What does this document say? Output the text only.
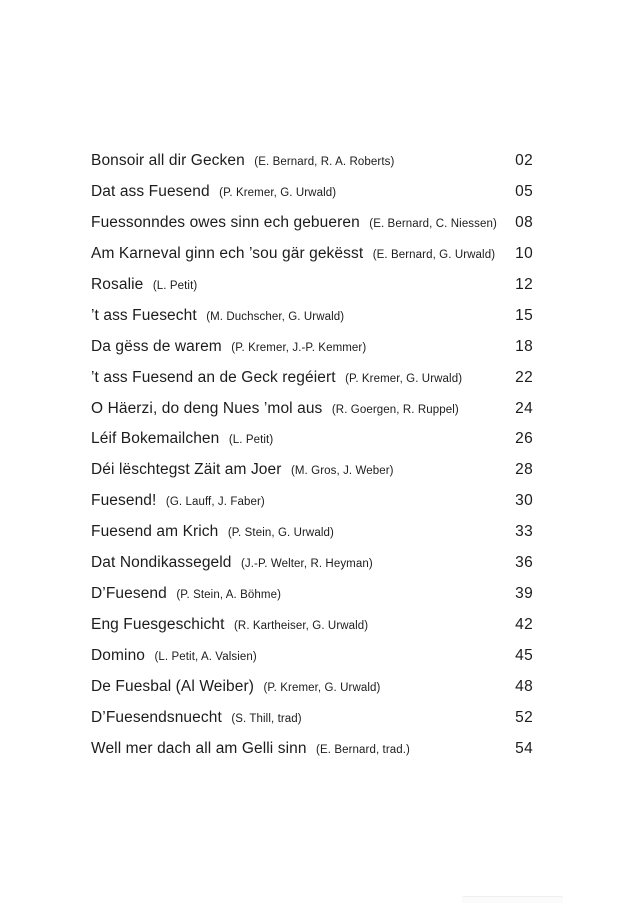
Bonsoir all dir Gecken (E. Bernard, R. A. Roberts)	02
Dat ass Fuesend (P. Kremer, G. Urwald)	05
Fuessonndes owes sinn ech gebueren (E. Bernard, C. Niessen)	08
Am Karneval ginn ech ’sou gär gekësst (E. Bernard, G. Urwald)	10
Rosalie (L. Petit)	12
’t ass Fuesecht (M. Duchscher, G. Urwald)	15
Da gëss de warem (P. Kremer, J.-P. Kemmer)	18
’t ass Fuesend an de Geck regéiert (P. Kremer, G. Urwald)	22
O Häerzi, do deng Nues ’mol aus (R. Goergen, R. Ruppel)	24
Léif Bokemailchen (L. Petit)	26
Déi lëschtegst Zäit am Joer (M. Gros, J. Weber)	28
Fuesend! (G. Lauff, J. Faber)	30
Fuesend am Krich (P. Stein, G. Urwald)	33
Dat Nondikassegeld (J.-P. Welter, R. Heyman)	36
D’Fuesend (P. Stein, A. Böhme)	39
Eng Fuesgeschicht (R. Kartheiser, G. Urwald)	42
Domino (L. Petit, A. Valsien)	45
De Fuesbal (Al Weiber) (P. Kremer, G. Urwald)	48
D’Fuesendsnuecht (S. Thill, trad)	52
Well mer dach all am Gelli sinn (E. Bernard, trad.)	54
